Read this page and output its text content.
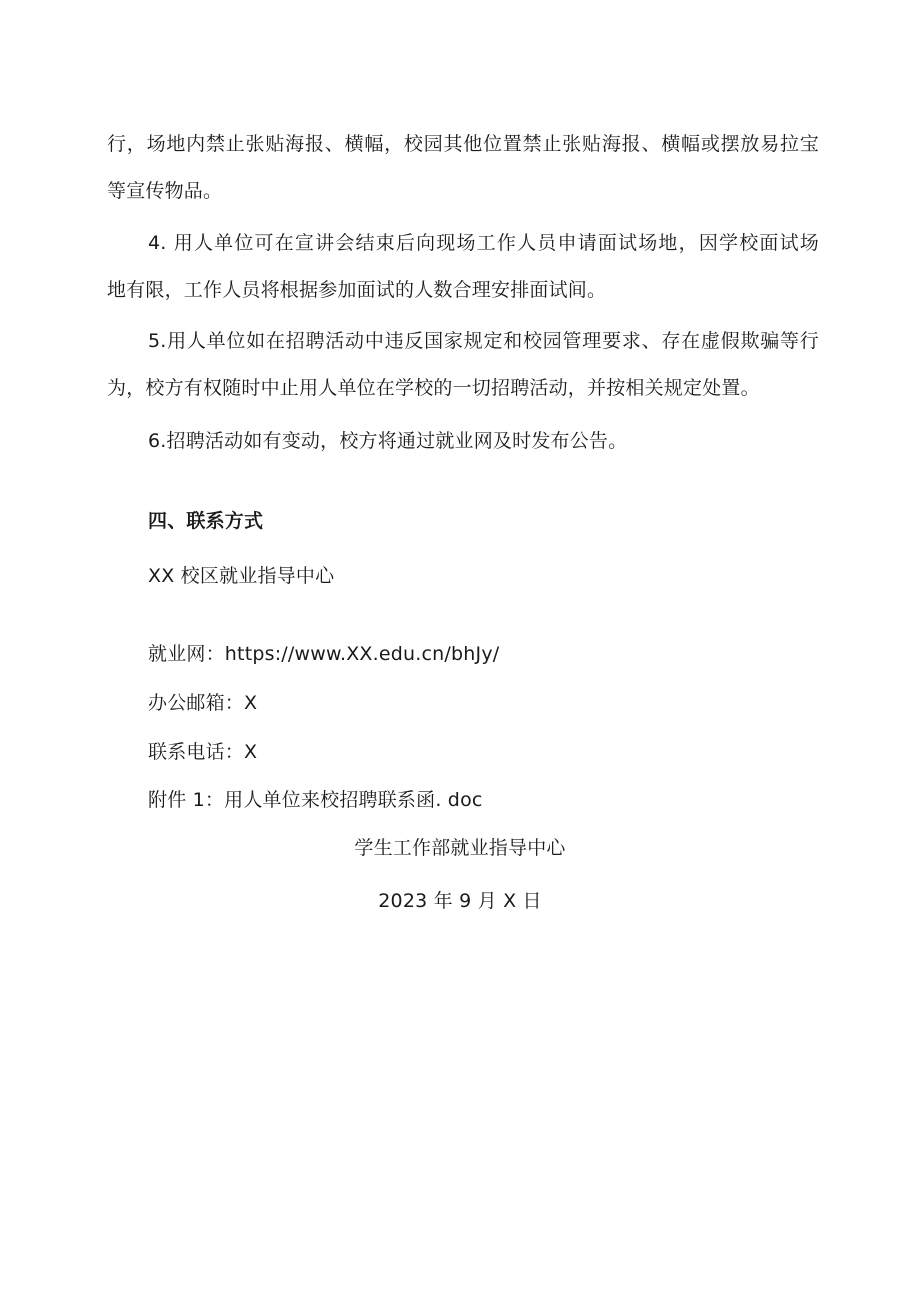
行，场地内禁止张贴海报、横幅，校园其他位置禁止张贴海报、横幅或摆放易拉宝
等宣传物品。
4. 用人单位可在宣讲会结束后向现场工作人员申请面试场地，因学校面试场
地有限，工作人员将根据参加面试的人数合理安排面试间。
5.用人单位如在招聘活动中违反国家规定和校园管理要求、存在虚假欺骗等行
为，校方有权随时中止用人单位在学校的一切招聘活动，并按相关规定处置。
6.招聘活动如有变动，校方将通过就业网及时发布公告。
四、联系方式
XX 校区就业指导中心
就业网：https://www.XX.edu.cn/bhJy/
办公邮箱：X
联系电话：X
附件 1：用人单位来校招聘联系函. doc
学生工作部就业指导中心
2023 年 9 月 X 日
